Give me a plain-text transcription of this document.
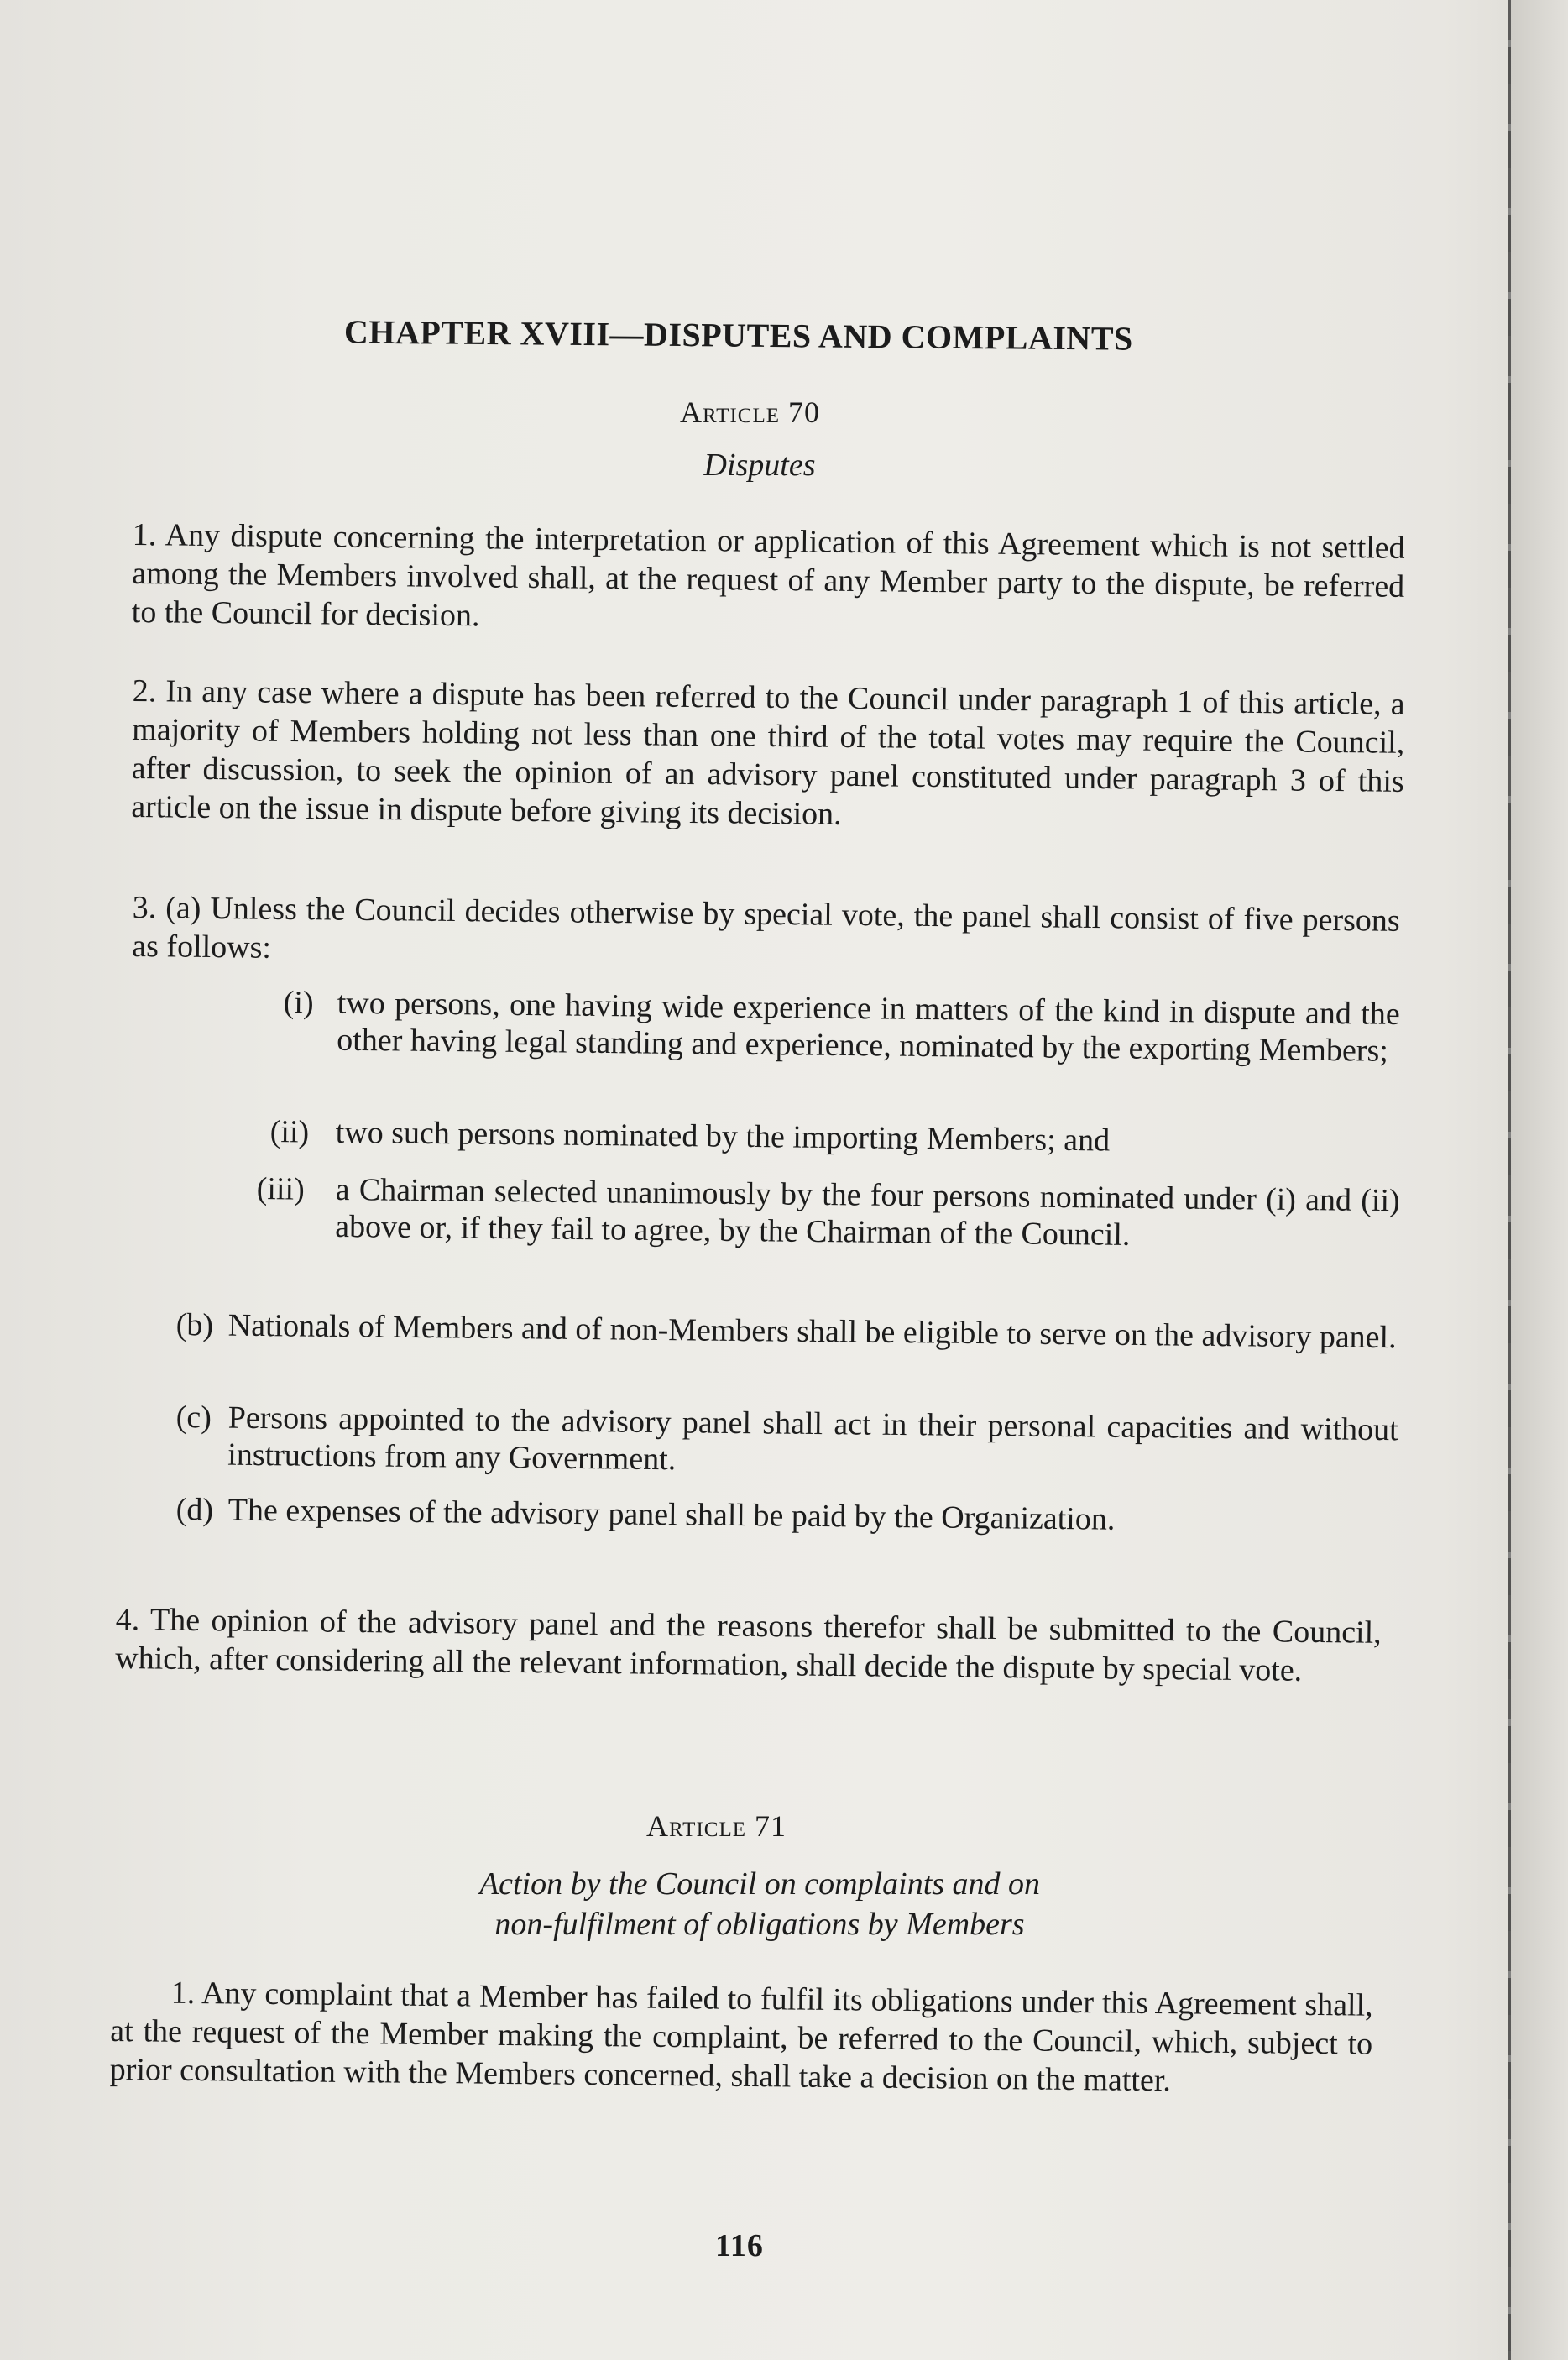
CHAPTER XVIII—DISPUTES AND COMPLAINTS
Article 70
Disputes
1. Any dispute concerning the interpretation or application of this Agreement which is not settled among the Members involved shall, at the request of any Member party to the dispute, be referred to the Council for decision.
2. In any case where a dispute has been referred to the Council under paragraph 1 of this article, a majority of Members holding not less than one third of the total votes may require the Council, after discussion, to seek the opinion of an advisory panel constituted under paragraph 3 of this article on the issue in dispute before giving its decision.
3. (a) Unless the Council decides otherwise by special vote, the panel shall consist of five persons as follows:
(i) two persons, one having wide experience in matters of the kind in dispute and the other having legal standing and experience, nominated by the exporting Members;
(ii) two such persons nominated by the importing Members; and
(iii) a Chairman selected unanimously by the four persons nominated under (i) and (ii) above or, if they fail to agree, by the Chairman of the Council.
(b) Nationals of Members and of non-Members shall be eligible to serve on the advisory panel.
(c) Persons appointed to the advisory panel shall act in their personal capacities and without instructions from any Government.
(d) The expenses of the advisory panel shall be paid by the Organization.
4. The opinion of the advisory panel and the reasons therefor shall be submitted to the Council, which, after considering all the relevant information, shall decide the dispute by special vote.
Article 71
Action by the Council on complaints and on
non-fulfilment of obligations by Members
1. Any complaint that a Member has failed to fulfil its obligations under this Agreement shall, at the request of the Member making the complaint, be referred to the Council, which, subject to prior consultation with the Members concerned, shall take a decision on the matter.
116
